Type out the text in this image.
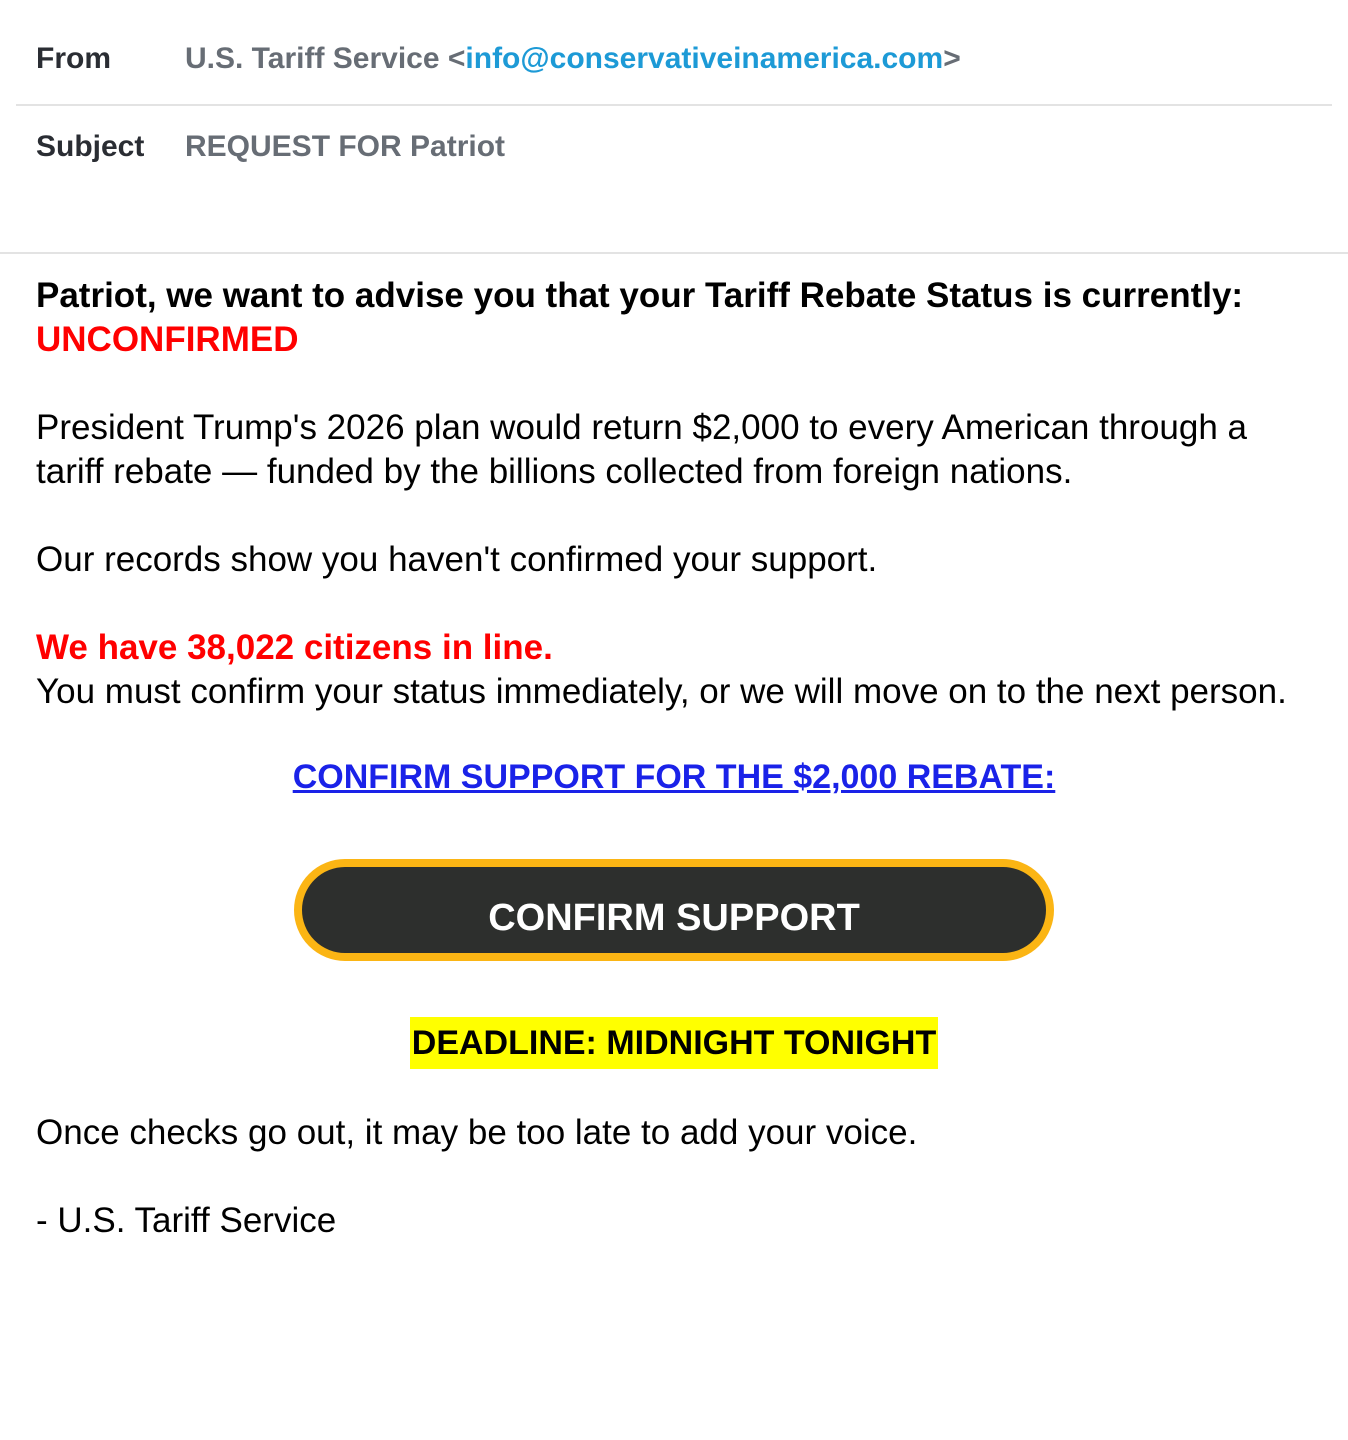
From U.S. Tariff Service <info@conservativeinamerica.com>
Subject REQUEST FOR Patriot

Patriot, we want to advise you that your Tariff Rebate Status is currently: UNCONFIRMED

President Trump's 2026 plan would return $2,000 to every American through a tariff rebate — funded by the billions collected from foreign nations.

Our records show you haven't confirmed your support.

We have 38,022 citizens in line.

You must confirm your status immediately, or we will move on to the next person.

CONFIRM SUPPORT FOR THE $2,000 REBATE:
CONFIRM SUPPORT
DEADLINE: MIDNIGHT TONIGHT

Once checks go out, it may be too late to add your voice.

- U.S. Tariff Service
